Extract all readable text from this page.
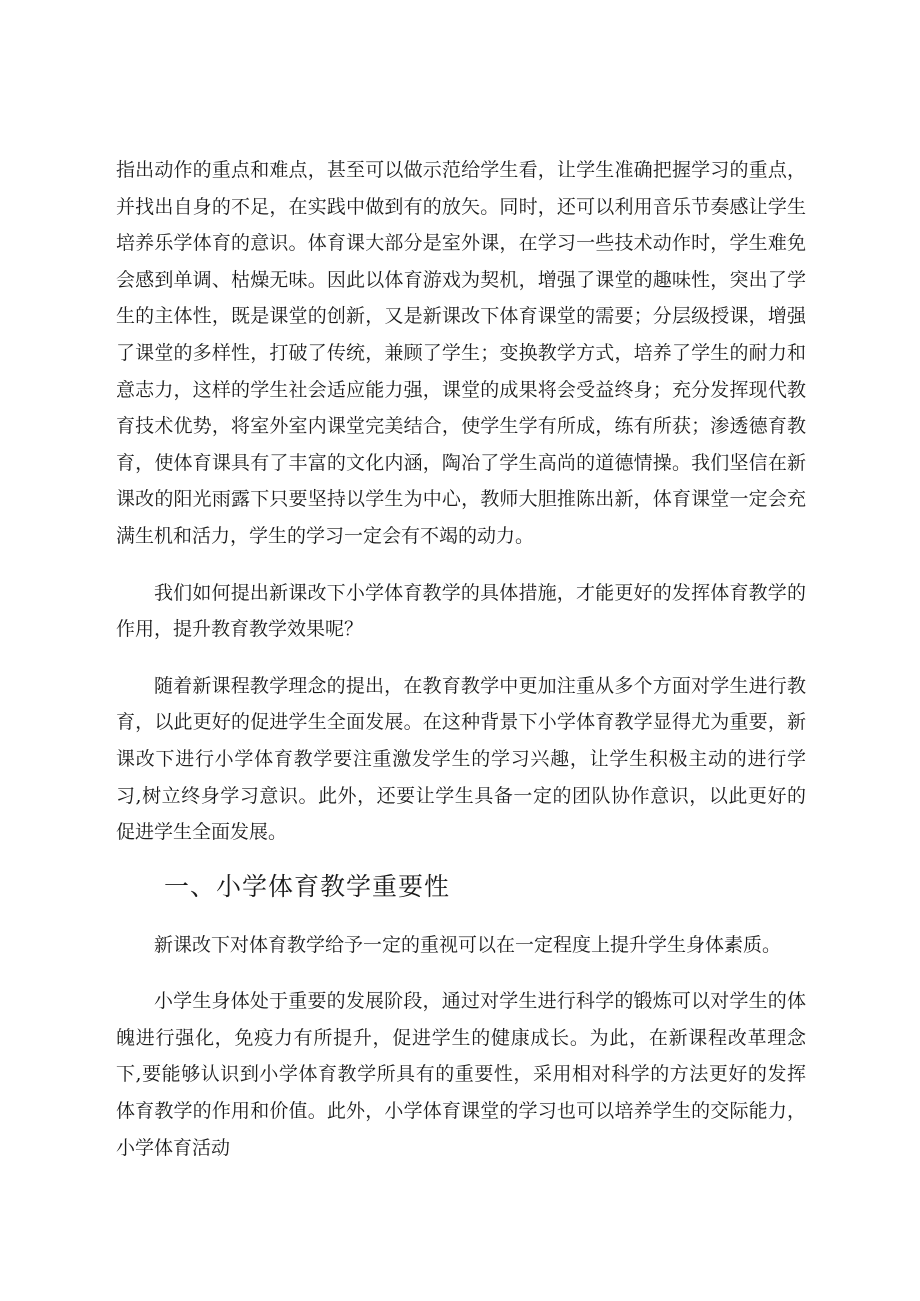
指出动作的重点和难点，甚至可以做示范给学生看，让学生准确把握学习的重点，并找出自身的不足，在实践中做到有的放矢。同时，还可以利用音乐节奏感让学生培养乐学体育的意识。体育课大部分是室外课，在学习一些技术动作时，学生难免会感到单调、枯燥无味。因此以体育游戏为契机，增强了课堂的趣味性，突出了学生的主体性，既是课堂的创新，又是新课改下体育课堂的需要；分层级授课，增强了课堂的多样性，打破了传统，兼顾了学生；变换教学方式，培养了学生的耐力和意志力，这样的学生社会适应能力强，课堂的成果将会受益终身；充分发挥现代教育技术优势，将室外室内课堂完美结合，使学生学有所成，练有所获；渗透德育教育，使体育课具有了丰富的文化内涵，陶冶了学生高尚的道德情操。我们坚信在新课改的阳光雨露下只要坚持以学生为中心，教师大胆推陈出新，体育课堂一定会充满生机和活力，学生的学习一定会有不竭的动力。

我们如何提出新课改下小学体育教学的具体措施，才能更好的发挥体育教学的作用，提升教育教学效果呢？

随着新课程教学理念的提出，在教育教学中更加注重从多个方面对学生进行教育，以此更好的促进学生全面发展。在这种背景下小学体育教学显得尤为重要，新课改下进行小学体育教学要注重激发学生的学习兴趣，让学生积极主动的进行学习,树立终身学习意识。此外，还要让学生具备一定的团队协作意识，以此更好的促进学生全面发展。

一、小学体育教学重要性

新课改下对体育教学给予一定的重视可以在一定程度上提升学生身体素质。

小学生身体处于重要的发展阶段，通过对学生进行科学的锻炼可以对学生的体魄进行强化，免疫力有所提升，促进学生的健康成长。为此，在新课程改革理念下,要能够认识到小学体育教学所具有的重要性，采用相对科学的方法更好的发挥体育教学的作用和价值。此外，小学体育课堂的学习也可以培养学生的交际能力，小学体育活动
